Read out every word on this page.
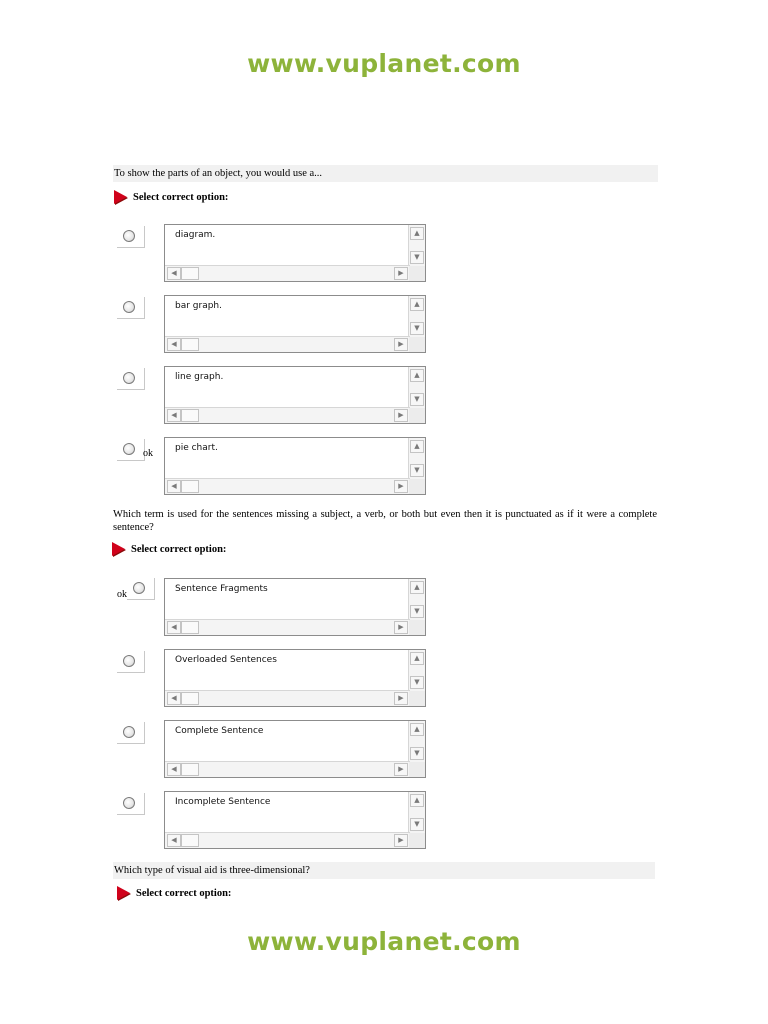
www.vuplanet.com
To show the parts of an object, you would use a...
Select correct option:
diagram.	▲
▼
◀	▶
bar graph.	▲
▼
◀	▶
line graph.	▲
▼
◀	▶
ok pie chart.	▲
▼
◀	▶
Which term is used for the sentences missing a subject, a verb, or both but even then it is punctuated as if it were a complete sentence?
Select correct option:
ok	Sentence Fragments	▲
▼
◀	▶
Overloaded Sentences	▲
▼
◀	▶
Complete Sentence	▲
▼
◀	▶
Incomplete Sentence	▲
▼
◀	▶
Which type of visual aid is three-dimensional?
Select correct option:
www.vuplanet.com
